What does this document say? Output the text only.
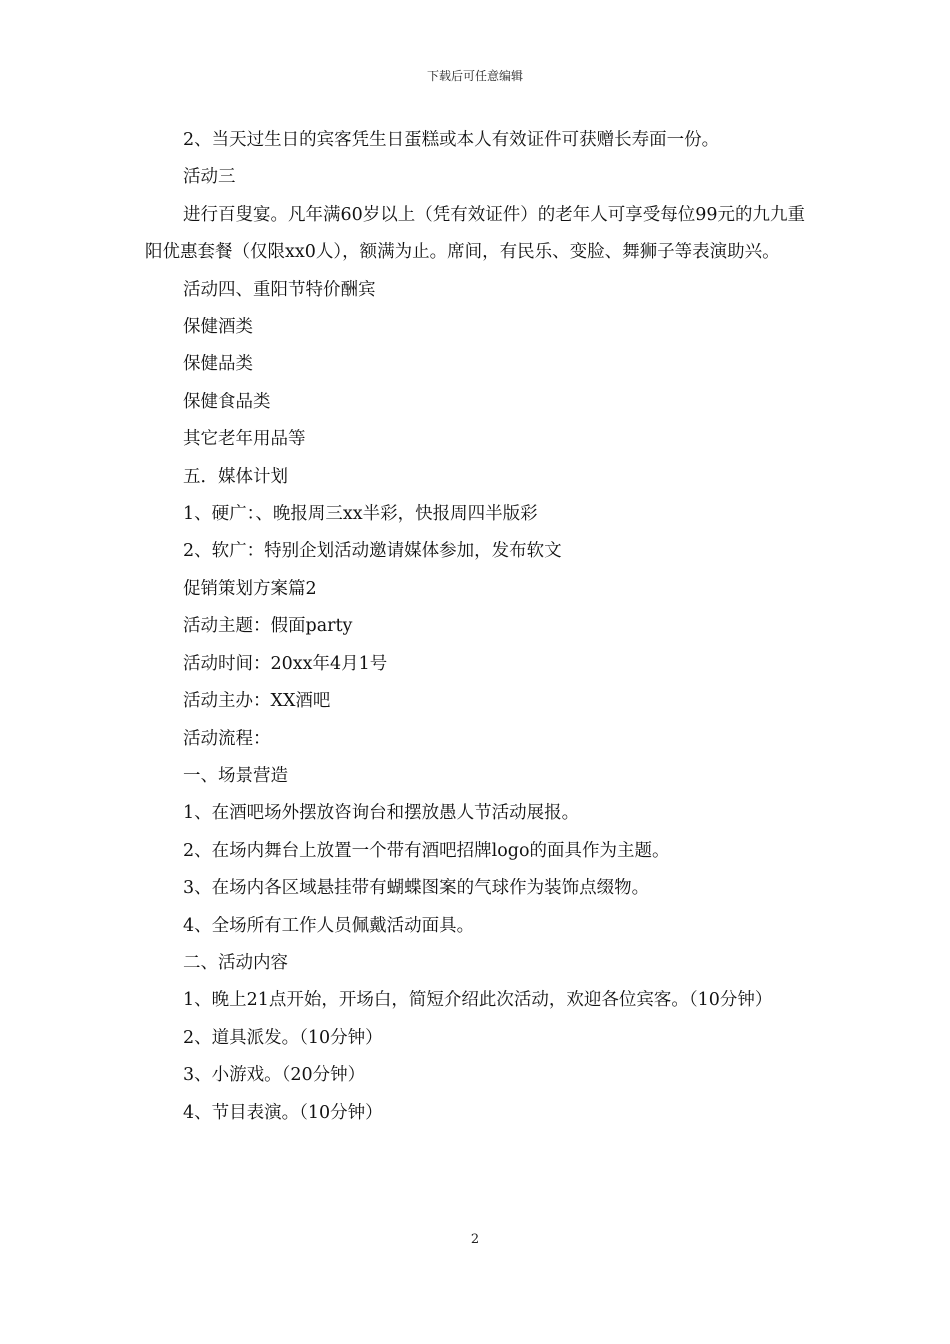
下载后可任意编辑

2、当天过生日的宾客凭生日蛋糕或本人有效证件可获赠长寿面一份。

活动三

进行百叟宴。凡年满60岁以上（凭有效证件）的老年人可享受每位99元的九九重阳优惠套餐（仅限xx0人），额满为止。席间，有民乐、变脸、舞狮子等表演助兴。

活动四、重阳节特价酬宾

保健酒类

保健品类

保健食品类

其它老年用品等

五．媒体计划

1、硬广：、晚报周三xx半彩，快报周四半版彩

2、软广：特别企划活动邀请媒体参加，发布软文

促销策划方案篇2

活动主题：假面party

活动时间：20xx年4月1号

活动主办：XX酒吧

活动流程：

一、场景营造

1、在酒吧场外摆放咨询台和摆放愚人节活动展报。

2、在场内舞台上放置一个带有酒吧招牌logo的面具作为主题。

3、在场内各区域悬挂带有蝴蝶图案的气球作为装饰点缀物。

4、全场所有工作人员佩戴活动面具。

二、活动内容

1、晚上21点开始，开场白，简短介绍此次活动，欢迎各位宾客。（10分钟）

2、道具派发。（10分钟）

3、小游戏。（20分钟）

4、节目表演。（10分钟）

2
